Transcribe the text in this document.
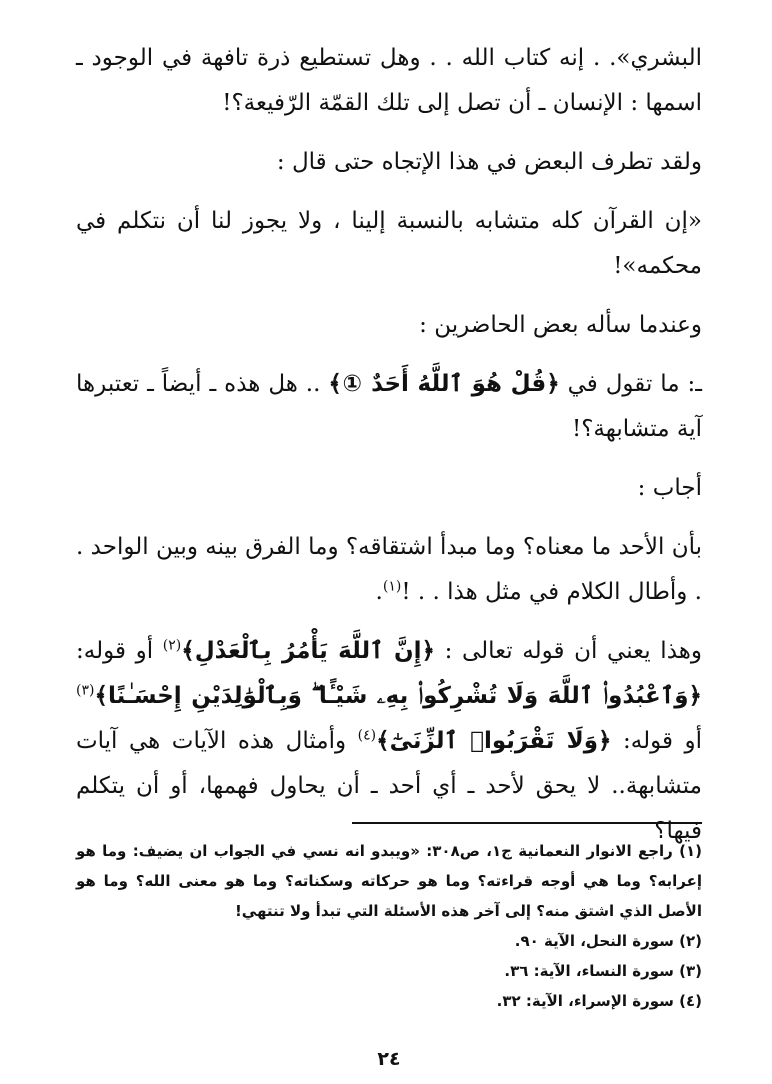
البشري». . إنه كتاب الله . . وهل تستطيع ذرة تافهة في الوجود ـ اسمها : الإنسان ـ أن تصل إلى تلك القمّة الرّفيعة؟!

ولقد تطرف البعض في هذا الإتجاه حتى قال :

«إن القرآن كله متشابه بالنسبة إلينا ، ولا يجوز لنا أن نتكلم في محكمه»!

وعندما سأله بعض الحاضرين :

ـ: ما تقول في ﴿قُلْ هُوَ ٱللَّهُ أَحَدٌ ①﴾ .. هل هذه ـ أيضاً ـ تعتبرها آية متشابهة؟!

أجاب :

بأن الأحد ما معناه؟ وما مبدأ اشتقاقه؟ وما الفرق بينه وبين الواحد . . وأطال الكلام في مثل هذا . . !$^{(١)}$.

وهذا يعني أن قوله تعالى : ﴿إِنَّ ٱللَّهَ يَأْمُرُ بِٱلْعَدْلِ﴾$^{(٢)}$ أو قوله: ﴿وَٱعْبُدُوا۟ ٱللَّهَ وَلَا تُشْرِكُوا۟ بِهِۦ شَيْـًٔا ۖ وَبِٱلْوَٰلِدَيْنِ إِحْسَـٰنًا﴾$^{(٣)}$ أو قوله: ﴿وَلَا تَقْرَبُوا۟ ٱلزِّنَىٰٓ﴾$^{(٤)}$ وأمثال هذه الآيات هي آيات متشابهة.. لا يحق لأحد ـ أي أحد ـ أن يحاول فهمها، أو أن يتكلم فيها؟

(١) راجع الانوار النعمانية ج١، ص٣٠٨: «ويبدو انه نسي في الجواب ان يضيف: وما هو إعرابه؟ وما هي أوجه قراءته؟ وما هو حركاته وسكناته؟ وما هو معنى الله؟ وما هو الأصل الذي اشتق منه؟ إلى آخر هذه الأسئلة التي تبدأ ولا تنتهي!

(٢) سورة النحل، الآية ٩٠.

(٣) سورة النساء، الآية: ٣٦.

(٤) سورة الإسراء، الآية: ٣٢.

٢٤
